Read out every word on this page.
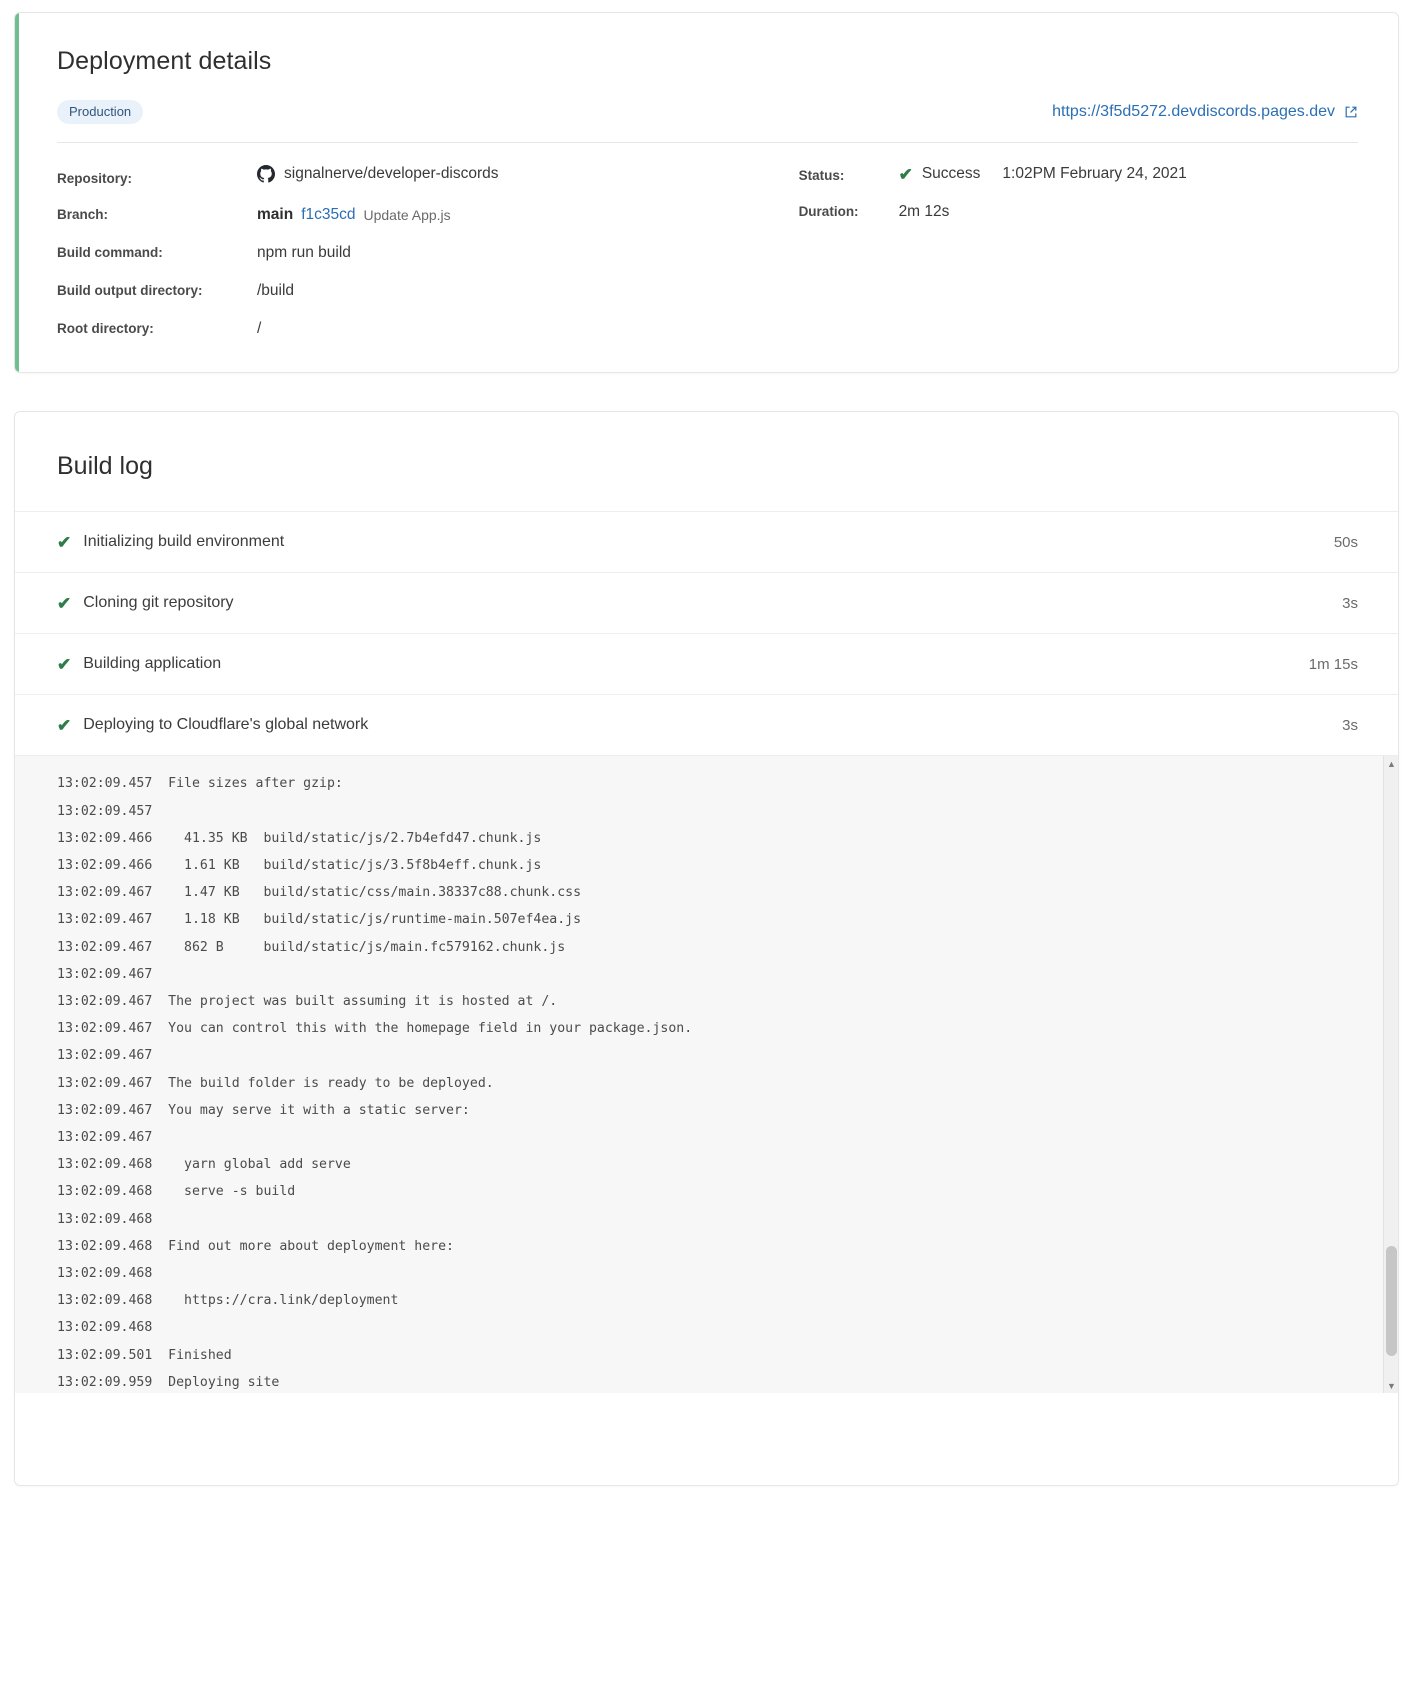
Deployment details
Production	https://3f5d5272.devdiscords.pages.dev
Repository:	signalnerve/developer-discords
Branch:	main f1c35cd Update App.js
Build command:	npm run build
Build output directory:	/build
Root directory:	/
Status:	✔ Success 1:02PM February 24, 2021
Duration:	2m 12s
Build log
✔ Initializing build environment	50s
✔ Cloning git repository	3s
✔ Building application	1m 15s
✔ Deploying to Cloudflare's global network	3s
13:02:09.457 File sizes after gzip:
13:02:09.457
13:02:09.466    41.35 KB  build/static/js/2.7b4efd47.chunk.js
13:02:09.466    1.61 KB   build/static/js/3.5f8b4eff.chunk.js
13:02:09.467    1.47 KB   build/static/css/main.38337c88.chunk.css
13:02:09.467    1.18 KB   build/static/js/runtime-main.507ef4ea.js
13:02:09.467    862 B     build/static/js/main.fc579162.chunk.js
13:02:09.467
13:02:09.467 The project was built assuming it is hosted at /.
13:02:09.467 You can control this with the homepage field in your package.json.
13:02:09.467
13:02:09.467 The build folder is ready to be deployed.
13:02:09.467 You may serve it with a static server:
13:02:09.467
13:02:09.468    yarn global add serve
13:02:09.468    serve -s build
13:02:09.468
13:02:09.468 Find out more about deployment here:
13:02:09.468
13:02:09.468    https://cra.link/deployment
13:02:09.468
13:02:09.501 Finished
13:02:09.959 Deploying site
▲
▼
